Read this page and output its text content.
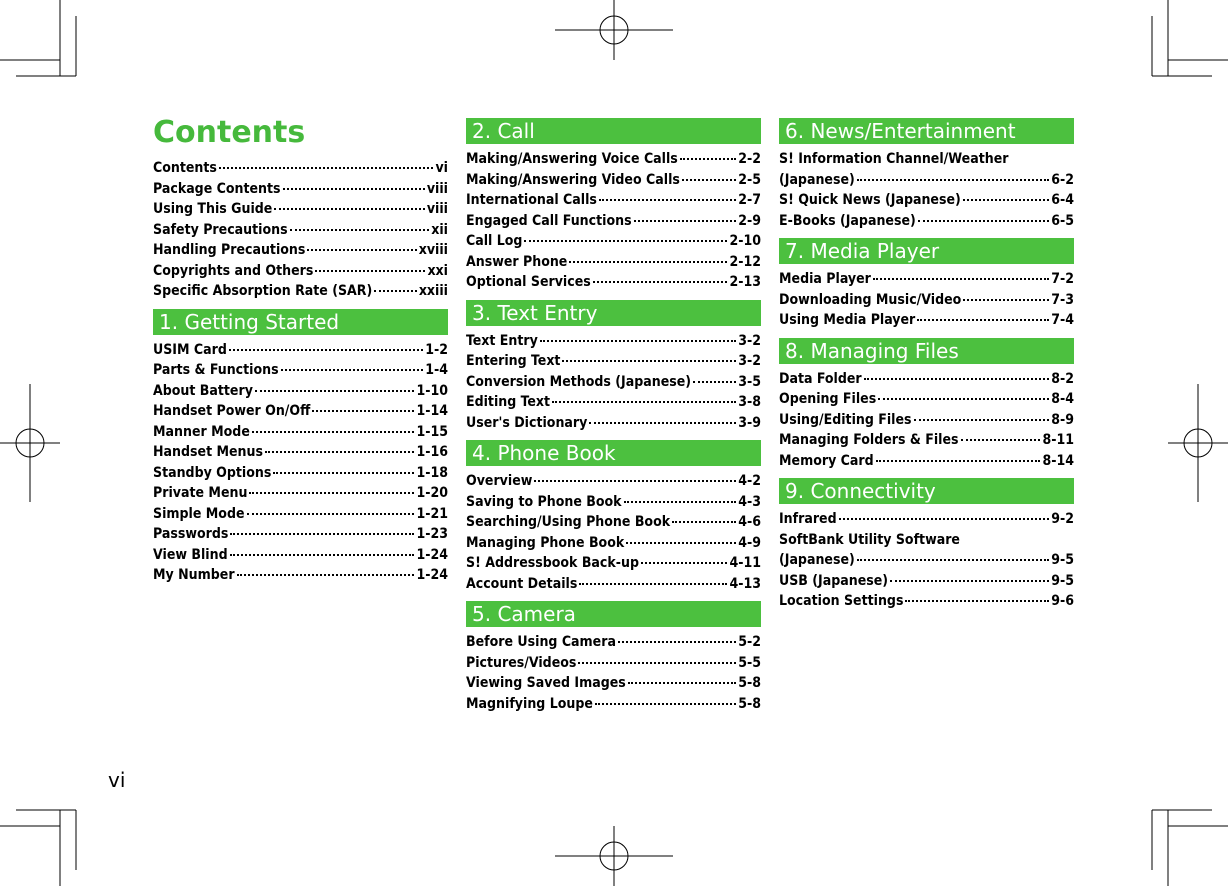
Contents
Contents	vi
Package Contents	viii
Using This Guide	viii
Safety Precautions	xii
Handling Precautions	xviii
Copyrights and Others	xxi
Specific Absorption Rate (SAR)	xxiii
1. Getting Started
USIM Card	1-2
Parts & Functions	1-4
About Battery	1-10
Handset Power On/Off	1-14
Manner Mode	1-15
Handset Menus	1-16
Standby Options	1-18
Private Menu	1-20
Simple Mode	1-21
Passwords	1-23
View Blind	1-24
My Number	1-24
2. Call
Making/Answering Voice Calls	2-2
Making/Answering Video Calls	2-5
International Calls	2-7
Engaged Call Functions	2-9
Call Log	2-10
Answer Phone	2-12
Optional Services	2-13
3. Text Entry
Text Entry	3-2
Entering Text	3-2
Conversion Methods (Japanese)	3-5
Editing Text	3-8
User's Dictionary	3-9
4. Phone Book
Overview	4-2
Saving to Phone Book	4-3
Searching/Using Phone Book	4-6
Managing Phone Book	4-9
S! Addressbook Back-up	4-11
Account Details	4-13
5. Camera
Before Using Camera	5-2
Pictures/Videos	5-5
Viewing Saved Images	5-8
Magnifying Loupe	5-8
6. News/Entertainment
S! Information Channel/Weather
(Japanese)	6-2
S! Quick News (Japanese)	6-4
E-Books (Japanese)	6-5
7. Media Player
Media Player	7-2
Downloading Music/Video	7-3
Using Media Player	7-4
8. Managing Files
Data Folder	8-2
Opening Files	8-4
Using/Editing Files	8-9
Managing Folders & Files	8-11
Memory Card	8-14
9. Connectivity
Infrared	9-2
SoftBank Utility Software
(Japanese)	9-5
USB (Japanese)	9-5
Location Settings	9-6
vi
